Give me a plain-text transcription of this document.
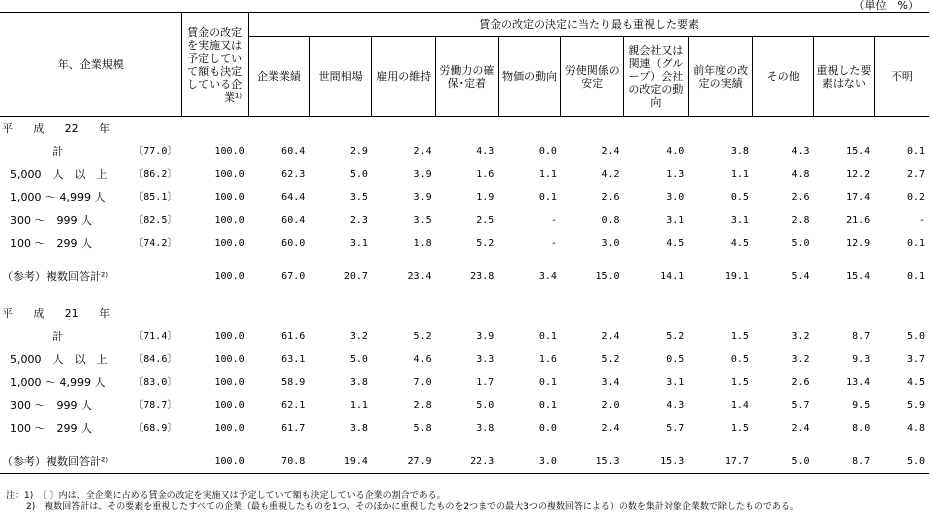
（単位　%）
年、企業規模		賃金の改定を実施又は予定していて額も決定している企業¹⁾	賃金の改定の決定に当たり最も重視した要素										
			企業業績	世間相場	雇用の維持	労働力の確保･定着	物価の動向	労使関係の安定	親会社又は関連（グループ）会社の改定の動向	前年度の改定の実績	その他	重視した要素はない	不明

平 成 22 年													

計	〔77.0〕	100.0	60.4	2.9	2.4	4.3	0.0	2.4	4.0	3.8	4.3	15.4	0.1
5,000　人　以　上	〔86.2〕	100.0	62.3	5.0	3.9	1.6	1.1	4.2	1.3	1.1	4.8	12.2	2.7
1,000 ～ 4,999 人	〔85.1〕	100.0	64.4	3.5	3.9	1.9	0.1	2.6	3.0	0.5	2.6	17.4	0.2
300 ～　999 人	〔82.5〕	100.0	60.4	2.3	3.5	2.5	-	0.8	3.1	3.1	2.8	21.6	-
100 ～　299 人	〔74.2〕	100.0	60.0	3.1	1.8	5.2	-	3.0	4.5	4.5	5.0	12.9	0.1

（参考）複数回答計²⁾		100.0	67.0	20.7	23.4	23.8	3.4	15.0	14.1	19.1	5.4	15.4	0.1

平 成 21 年													

計	〔71.4〕	100.0	61.6	3.2	5.2	3.9	0.1	2.4	5.2	1.5	3.2	8.7	5.0
5,000　人　以　上	〔84.6〕	100.0	63.1	5.0	4.6	3.3	1.6	5.2	0.5	0.5	3.2	9.3	3.7
1,000 ～ 4,999 人	〔83.0〕	100.0	58.9	3.8	7.0	1.7	0.1	3.4	3.1	1.5	2.6	13.4	4.5
300 ～　999 人	〔78.7〕	100.0	62.1	1.1	2.8	5.0	0.1	2.0	4.3	1.4	5.7	9.5	5.9
100 ～　299 人	〔68.9〕	100.0	61.7	3.8	5.8	3.8	0.0	2.4	5.7	1.5	2.4	8.0	4.8

（参考）複数回答計²⁾		100.0	70.8	19.4	27.9	22.3	3.0	15.3	15.3	17.7	5.0	8.7	5.0
注：1)　〔 〕内は、全企業に占める賃金の改定を実施又は予定していて額も決定している企業の割合である。
2)　複数回答計は、その要素を重視したすべての企業（最も重視したものを1つ、そのほかに重視したものを2つまでの最大3つの複数回答による）の数を集計対象企業数で除したものである。
